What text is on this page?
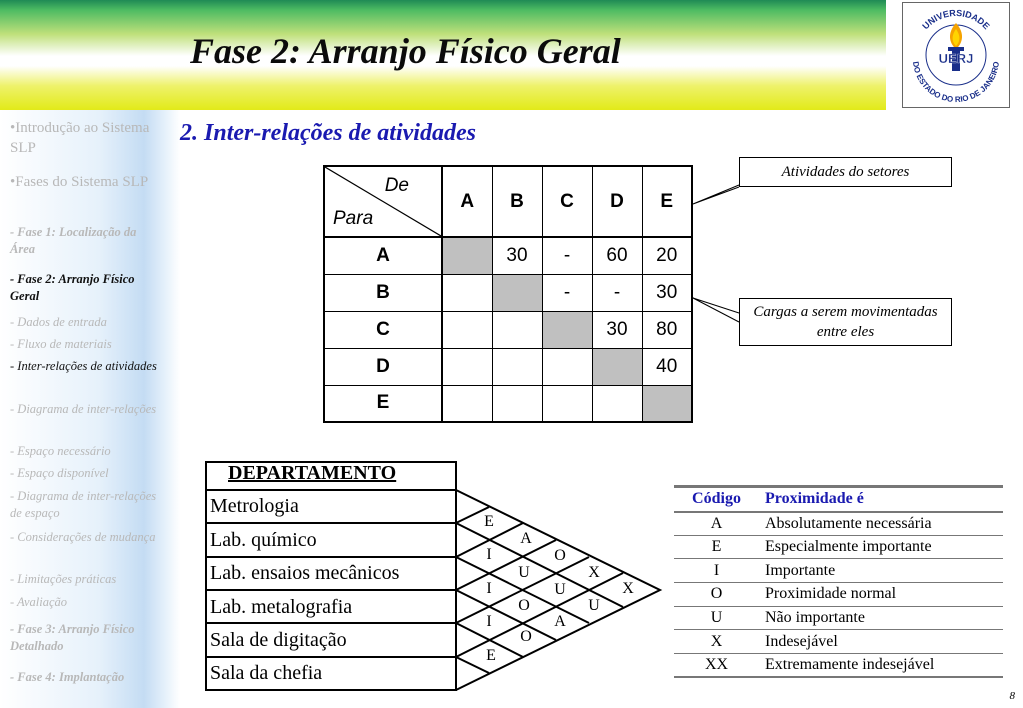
Fase 2: Arranjo Físico Geral	UERJ
UNIVERSIDADE
DO ESTADO DO RIO DE JANEIRO
•Introdução ao Sistema SLP
•Fases do Sistema SLP
- Fase 1: Localização da Área
- Fase 2: Arranjo Físico Geral
- Dados de entrada
- Fluxo de materiais
- Inter-relações de atividades
- Diagrama de inter-relações
- Espaço necessário
- Espaço disponível
- Diagrama de inter-relações de espaço
- Considerações de mudança
- Limitações práticas
- Avaliação
- Fase 3: Arranjo Físico Detalhado
- Fase 4: Implantação
2. Inter-relações de atividades
De
Para	A	B	C	D	E
A		30	-	60	20
B			-	-	30
C				30	80
D					40
E					
Atividades do setores
Cargas a serem movimentadas entre eles
DEPARTAMENTO
Metrologia
Lab. químico
Lab. ensaios mecânicos
Lab. metalografia
Sala de digitação
Sala da chefia
E
A
I	O
U	X
I	U	X
O	U
I	A
O
E
Código	Proximidade é
A	Absolutamente necessária
E	Especialmente importante
I	Importante
O	Proximidade normal
U	Não importante
X	Indesejável
XX	Extremamente indesejável
8
